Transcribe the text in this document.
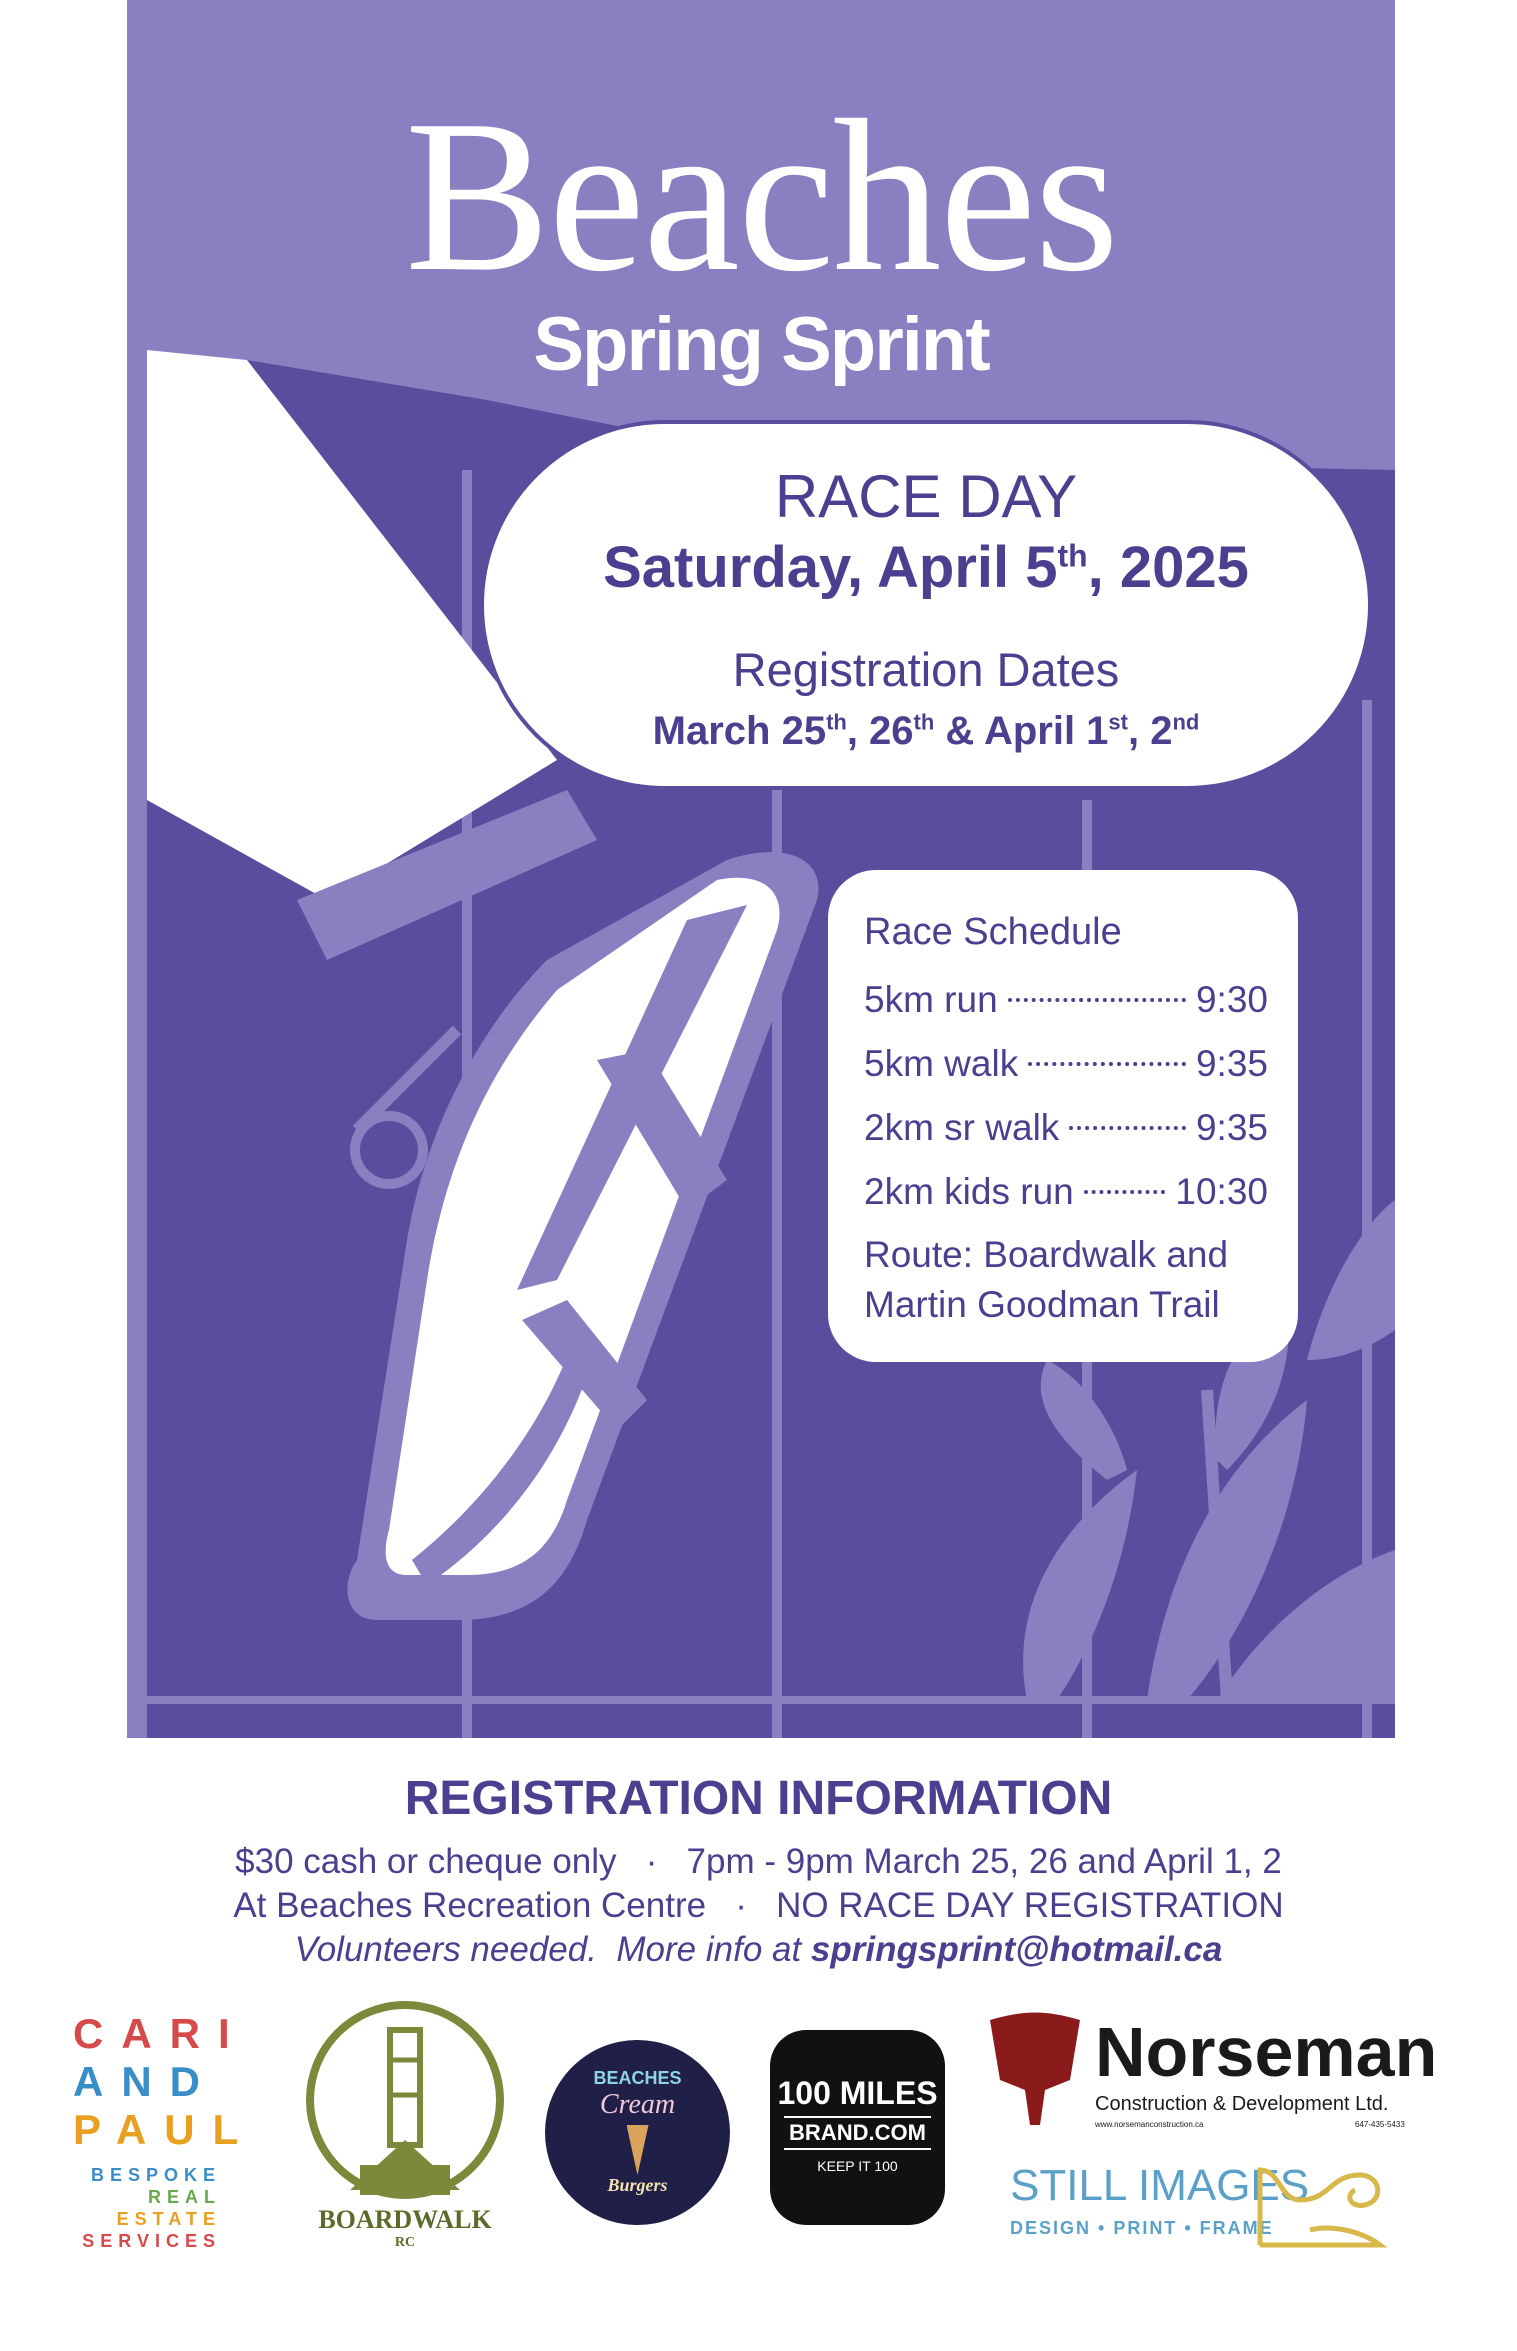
Beaches
Spring Sprint
RACE DAY
Saturday, April 5th, 2025
Registration Dates
March 25th, 26th & April 1st, 2nd
Race Schedule
5km run	9:30
5km walk	9:35
2km sr walk	9:35
2km kids run	10:30
Route: Boardwalk and
Martin Goodman Trail
REGISTRATION INFORMATION
$30 cash or cheque only   ·   7pm - 9pm March 25, 26 and April 1, 2
At Beaches Recreation Centre   ·   NO RACE DAY REGISTRATION
Volunteers needed.  More info at springsprint@hotmail.ca
CARI
AND
PAUL
BESPOKE
REAL
ESTATE
SERVICES
BOARDWALK
RC
BEACHES
Cream
Burgers
100 MILES
BRAND.COM
KEEP IT 100
Norseman
Construction & Development Ltd.
www.norsemanconstruction.ca	647-435-5433
STILL IMAGES
DESIGN • PRINT • FRAME
